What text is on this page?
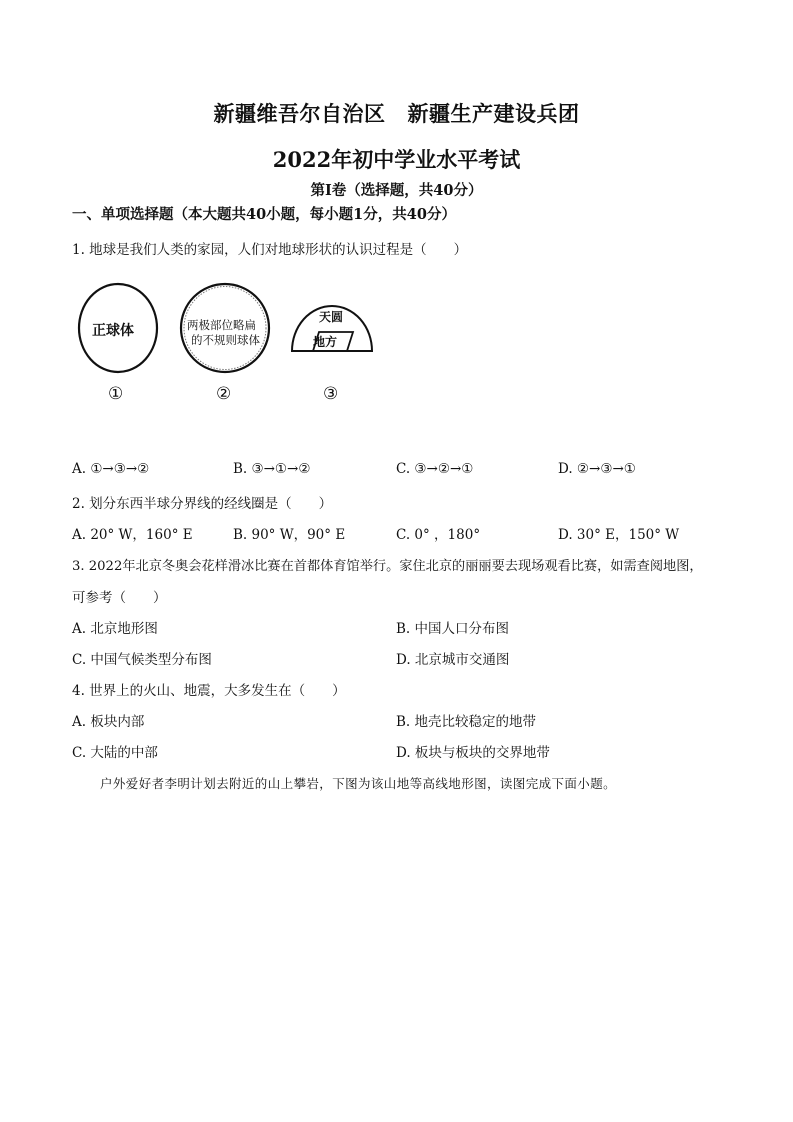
新疆维吾尔自治区 新疆生产建设兵团
2022年初中学业水平考试
第Ⅰ卷（选择题，共40分）
一、单项选择题（本大题共40小题，每小题1分，共40分）
1. 地球是我们人类的家园，人们对地球形状的认识过程是（　　）
正球体	两极部位略扁
的不规则球体
天圆
地方
①	②	③
A. ①→③→②	B. ③→①→②	C. ③→②→①	D. ②→③→①
2. 划分东西半球分界线的经线圈是（　　）
A. 20° W，160° E	B. 90° W，90° E	C. 0° ，180°	D. 30° E，150° W
3. 2022年北京冬奥会花样滑冰比赛在首都体育馆举行。家住北京的丽丽要去现场观看比赛，如需查阅地图，
可参考（　　）
A. 北京地形图	B. 中国人口分布图
C. 中国气候类型分布图	D. 北京城市交通图
4. 世界上的火山、地震，大多发生在（　　）
A. 板块内部	B. 地壳比较稳定的地带
C. 大陆的中部	D. 板块与板块的交界地带
户外爱好者李明计划去附近的山上攀岩，下图为该山地等高线地形图，读图完成下面小题。
